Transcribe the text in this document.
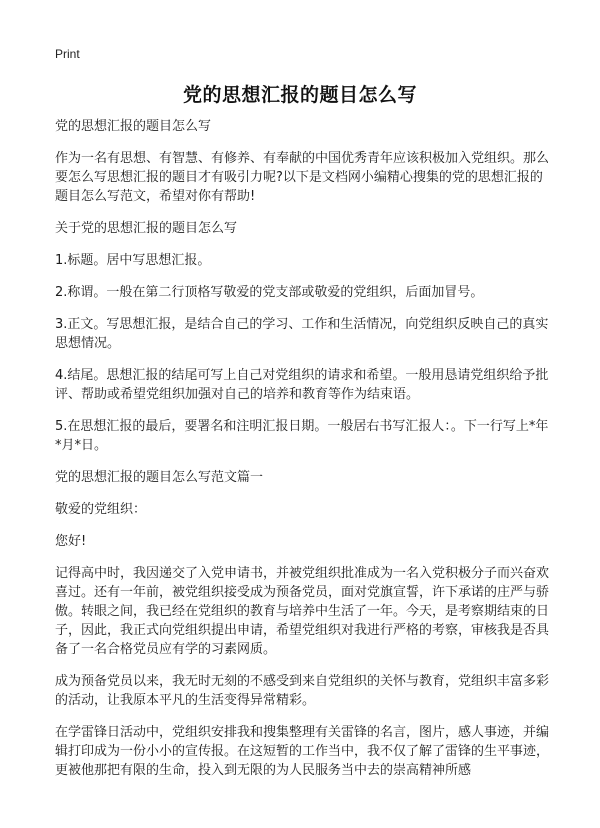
Print
党的思想汇报的题目怎么写

党的思想汇报的题目怎么写

作为一名有思想、有智慧、有修养、有奉献的中国优秀青年应该积极加入党组织。那么要怎么写思想汇报的题目才有吸引力呢?以下是文档网小编精心搜集的党的思想汇报的题目怎么写范文，希望对你有帮助!

关于党的思想汇报的题目怎么写

1.标题。居中写思想汇报。

2.称谓。一般在第二行顶格写敬爱的党支部或敬爱的党组织，后面加冒号。

3.正文。写思想汇报，是结合自己的学习、工作和生活情况，向党组织反映自己的真实思想情况。

4.结尾。思想汇报的结尾可写上自己对党组织的请求和希望。一般用恳请党组织给予批评、帮助或希望党组织加强对自己的培养和教育等作为结束语。

5.在思想汇报的最后，要署名和注明汇报日期。一般居右书写汇报人：。下一行写上*年*月*日。

党的思想汇报的题目怎么写范文篇一

敬爱的党组织：

您好!

记得高中时，我因递交了入党申请书，并被党组织批准成为一名入党积极分子而兴奋欢喜过。还有一年前，被党组织接受成为预备党员，面对党旗宣誓，许下承诺的庄严与骄傲。转眼之间，我已经在党组织的教育与培养中生活了一年。今天，是考察期结束的日子，因此，我正式向党组织提出申请，希望党组织对我进行严格的考察，审核我是否具备了一名合格党员应有学的习素网质。

成为预备党员以来，我无时无刻的不感受到来自党组织的关怀与教育，党组织丰富多彩的活动，让我原本平凡的生活变得异常精彩。

在学雷锋日活动中，党组织安排我和搜集整理有关雷锋的名言，图片，感人事迹，并编辑打印成为一份小小的宣传报。在这短暂的工作当中，我不仅了解了雷锋的生平事迹，更被他那把有限的生命，投入到无限的为人民服务当中去的崇高精神所感
